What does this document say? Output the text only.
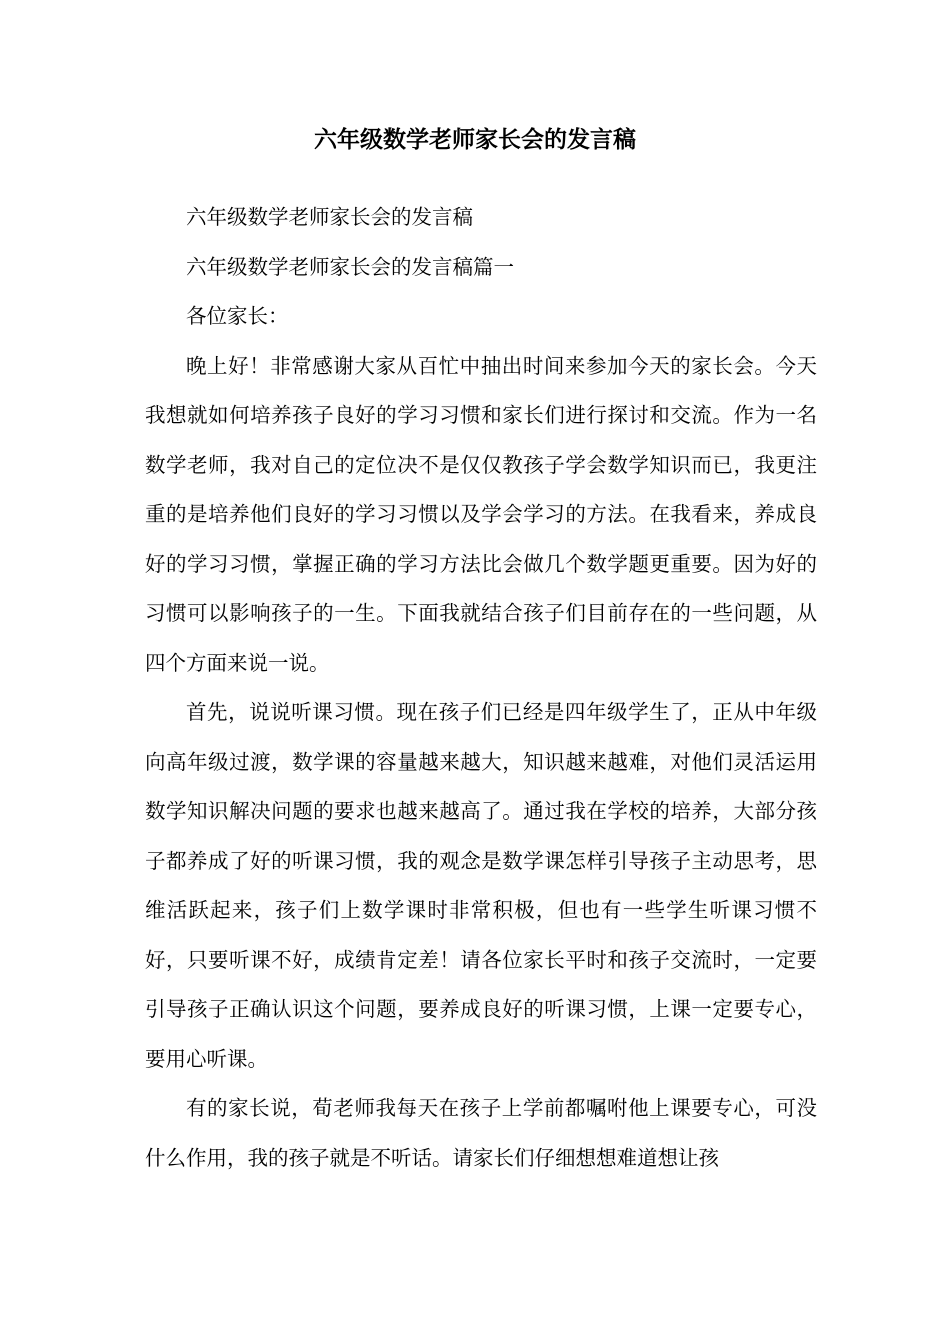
六年级数学老师家长会的发言稿

六年级数学老师家长会的发言稿

六年级数学老师家长会的发言稿篇一

各位家长：

晚上好！非常感谢大家从百忙中抽出时间来参加今天的家长会。今天我想就如何培养孩子良好的学习习惯和家长们进行探讨和交流。作为一名数学老师，我对自己的定位决不是仅仅教孩子学会数学知识而已，我更注重的是培养他们良好的学习习惯以及学会学习的方法。在我看来，养成良好的学习习惯，掌握正确的学习方法比会做几个数学题更重要。因为好的习惯可以影响孩子的一生。下面我就结合孩子们目前存在的一些问题，从四个方面来说一说。

首先，说说听课习惯。现在孩子们已经是四年级学生了，正从中年级向高年级过渡，数学课的容量越来越大，知识越来越难，对他们灵活运用数学知识解决问题的要求也越来越高了。通过我在学校的培养，大部分孩子都养成了好的听课习惯，我的观念是数学课怎样引导孩子主动思考，思维活跃起来，孩子们上数学课时非常积极，但也有一些学生听课习惯不好，只要听课不好，成绩肯定差！请各位家长平时和孩子交流时，一定要引导孩子正确认识这个问题，要养成良好的听课习惯，上课一定要专心，要用心听课。

有的家长说，荀老师我每天在孩子上学前都嘱咐他上课要专心，可没什么作用，我的孩子就是不听话。请家长们仔细想想难道想让孩
